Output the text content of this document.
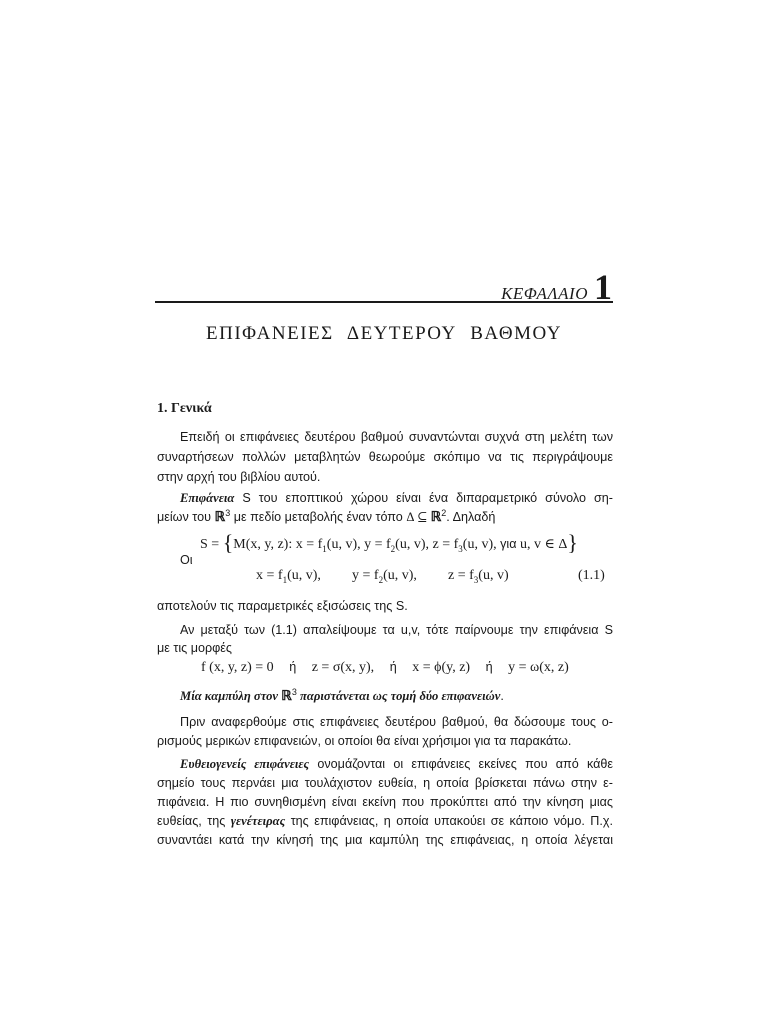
ΚΕΦΑΛΑΙΟ 1
ΕΠΙΦΑΝΕΙΕΣ ΔΕΥΤΕΡΟΥ ΒΑΘΜΟΥ
1. Γενικά
Επειδή οι επιφάνειες δευτέρου βαθμού συναντώνται συχνά στη μελέτη των
συναρτήσεων πολλών μεταβλητών θεωρούμε σκόπιμο να τις περιγράψουμε
στην αρχή του βιβλίου αυτού.
Επιφάνεια S του εποπτικού χώρου είναι ένα διπαραμετρικό σύνολο ση-
μείων του ℝ$^3$ με πεδίο μεταβολής έναν τόπο Δ ⊆ ℝ$^2$. Δηλαδή
S = {M(x, y, z): $x = f_1(u$, v), $y = f_2(u$, v), $z = f_3(u$, v), για u, v ∈ Δ}
Οι
$x = f_1(u$, v), $y = f_2(u$, v), $z = f_3(u$, v)	(1.1)
αποτελούν τις παραμετρικές εξισώσεις της S.
Αν μεταξύ των (1.1) απαλείψουμε τα u,v, τότε παίρνουμε την επιφάνεια S
με τις μορφές
f (x, y, z) = 0 ή z = σ(x, y), ή x = ϕ(y, z) ή y = ω(x, z)
Μία καμπύλη στον ℝ$^3$ παριστάνεται ως τομή δύο επιφανειών.
Πριν αναφερθούμε στις επιφάνειες δευτέρου βαθμού, θα δώσουμε τους ο-
ρισμούς μερικών επιφανειών, οι οποίοι θα είναι χρήσιμοι για τα παρακάτω.
Ευθειογενείς επιφάνειες ονομάζονται οι επιφάνειες εκείνες που από κάθε
σημείο τους περνάει μια τουλάχιστον ευθεία, η οποία βρίσκεται πάνω στην ε-
πιφάνεια. Η πιο συνηθισμένη είναι εκείνη που προκύπτει από την κίνηση μιας
ευθείας, της γενέτειρας της επιφάνειας, η οποία υπακούει σε κάποιο νόμο. Π.χ.
συναντάει κατά την κίνησή της μια καμπύλη της επιφάνειας, η οποία λέγεται
